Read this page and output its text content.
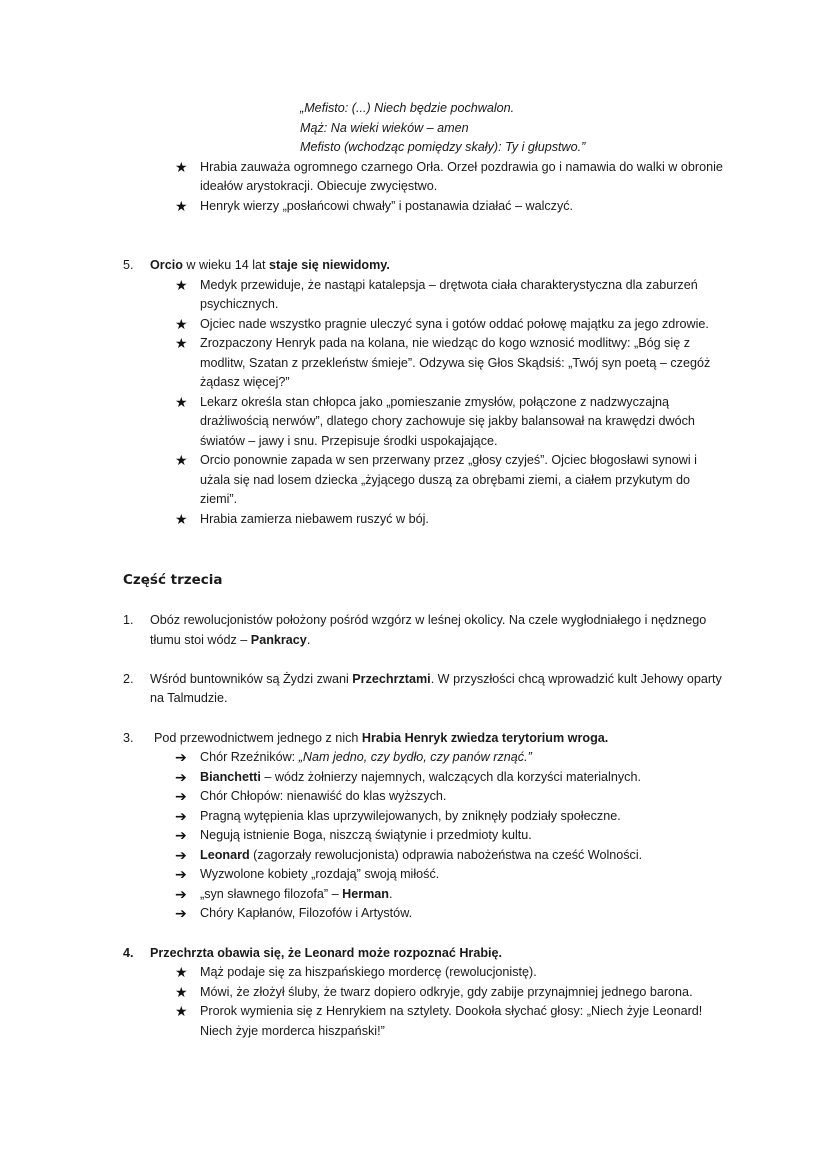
„Mefisto: (...) Niech będzie pochwalon.
Mąż: Na wieki wieków – amen
Mefisto (wchodząc pomiędzy skały): Ty i głupstwo.”
★ Hrabia zauważa ogromnego czarnego Orła. Orzeł pozdrawia go i namawia do walki w obronie
ideałów arystokracji. Obiecuje zwycięstwo.
★ Henryk wierzy „posłańcowi chwały” i postanawia działać – walczyć.
5. Orcio w wieku 14 lat staje się niewidomy.
★ Medyk przewiduje, że nastąpi katalepsja – drętwota ciała charakterystyczna dla zaburzeń
psychicznych.
★ Ojciec nade wszystko pragnie uleczyć syna i gotów oddać połowę majątku za jego zdrowie.
★ Zrozpaczony Henryk pada na kolana, nie wiedząc do kogo wznosić modlitwy: „Bóg się z
modlitw, Szatan z przekleństw śmieje”. Odzywa się Głos Skądsiś: „Twój syn poetą – czegóż
żądasz więcej?”
★ Lekarz określa stan chłopca jako „pomieszanie zmysłów, połączone z nadzwyczajną
drażliwością nerwów”, dlatego chory zachowuje się jakby balansował na krawędzi dwóch
światów – jawy i snu. Przepisuje środki uspokajające.
★ Orcio ponownie zapada w sen przerwany przez „głosy czyjeś”. Ojciec błogosławi synowi i
użala się nad losem dziecka „żyjącego duszą za obrębami ziemi, a ciałem przykutym do
ziemi”.
★ Hrabia zamierza niebawem ruszyć w bój.
Część trzecia
1. Obóz rewolucjonistów położony pośród wzgórz w leśnej okolicy. Na czele wygłodniałego i nędznego
tłumu stoi wódz – Pankracy.
2. Wśród buntowników są Żydzi zwani Przechrztami. W przyszłości chcą wprowadzić kult Jehowy oparty
na Talmudzie.
3. Pod przewodnictwem jednego z nich Hrabia Henryk zwiedza terytorium wroga.
➔ Chór Rzeźników: „Nam jedno, czy bydło, czy panów rznąć.”
➔ Bianchetti – wódz żołnierzy najemnych, walczących dla korzyści materialnych.
➔ Chór Chłopów: nienawiść do klas wyższych.
➔ Pragną wytępienia klas uprzywilejowanych, by zniknęły podziały społeczne.
➔ Negują istnienie Boga, niszczą świątynie i przedmioty kultu.
➔ Leonard (zagorzały rewolucjonista) odprawia nabożeństwa na cześć Wolności.
➔ Wyzwolone kobiety „rozdają” swoją miłość.
➔ „syn sławnego filozofa” – Herman.
➔ Chóry Kapłanów, Filozofów i Artystów.
4. Przechrzta obawia się, że Leonard może rozpoznać Hrabię.
★ Mąż podaje się za hiszpańskiego mordercę (rewolucjonistę).
★ Mówi, że złożył śluby, że twarz dopiero odkryje, gdy zabije przynajmniej jednego barona.
★ Prorok wymienia się z Henrykiem na sztylety. Dookoła słychać głosy: „Niech żyje Leonard!
Niech żyje morderca hiszpański!”
